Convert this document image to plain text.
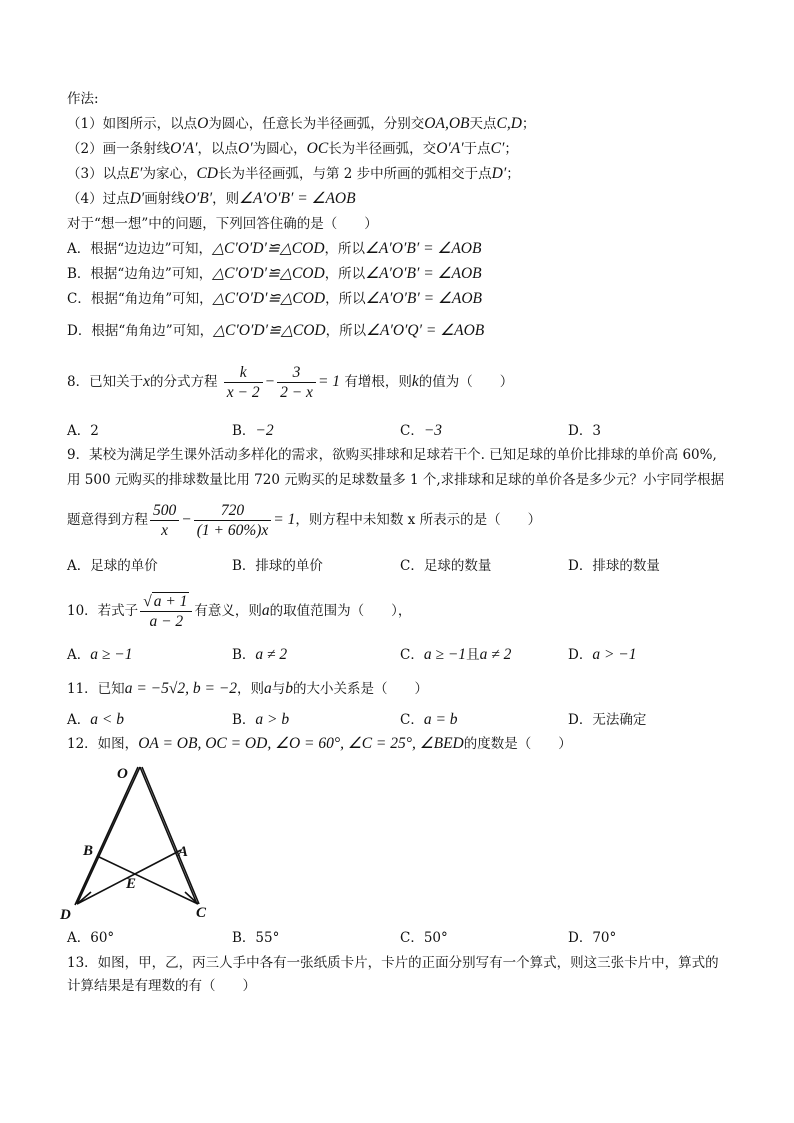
作法:
（1）如图所示，以点O为圆心，任意长为半径画弧，分别交OA,OB天点C,D；
（2）画一条射线O′A′，以点O′为圆心，OC长为半径画弧，交O′A′于点C′；
（3）以点E′为家心，CD长为半径画弧，与第 2 步中所画的弧相交于点D′；
（4）过点D′画射线O′B′，则∠A′O′B′ = ∠AOB
对于“想一想”中的问题，下列回答住确的是（　　）
A．根据“边边边”可知，△C′O′D′≌△COD，所以∠A′O′B′ = ∠AOB
B．根据“边角边”可知，△C′O′D′≌△COD，所以∠A′O′B′ = ∠AOB
C．根据“角边角”可知，△C′O′D′≌△COD，所以∠A′O′B′ = ∠AOB
D．根据“角角边”可知，△C′O′D′≌△COD，所以∠A′O′Q′ = ∠AOB
8．已知关于x的分式方程 $\frac{k}{x - 2} - \frac{3}{2 - x} = 1$ 有增根，则k的值为（　　）
A．2	B．−2	C．−3	D．3
9．某校为满足学生课外活动多样化的需求，欲购买排球和足球若干个. 已知足球的单价比排球的单价高 60%,
用 500 元购买的排球数量比用 720 元购买的足球数量多 1 个,求排球和足球的单价各是多少元？小宇同学根据
题意得到方程 $\frac{500}{x} - \frac{720}{(1 + 60\%)x} = 1$，则方程中未知数 x 所表示的是（　　）
A．足球的单价	B．排球的单价	C．足球的数量	D．排球的数量
10．若式子 $\frac{√ a + 1}{a - 2}$ 有意义，则a的取值范围为（　　），
A．a ≥ −1	B．a ≠ 2	C．a ≥ −1且a ≠ 2	D．a > −1
11．已知a = −5√2, b = −2，则a与b的大小关系是（　　）
A．a < b	B．a > b	C．a = b	D．无法确定
12．如图，OA = OB, OC = OD, ∠O = 60°, ∠C = 25°, ∠BED的度数是（　　）
O
B	A
E
D	C
A．60°	B．55°	C．50°	D．70°
13．如图，甲，乙，丙三人手中各有一张纸质卡片，卡片的正面分别写有一个算式，则这三张卡片中，算式的
计算结果是有理数的有（　　）
